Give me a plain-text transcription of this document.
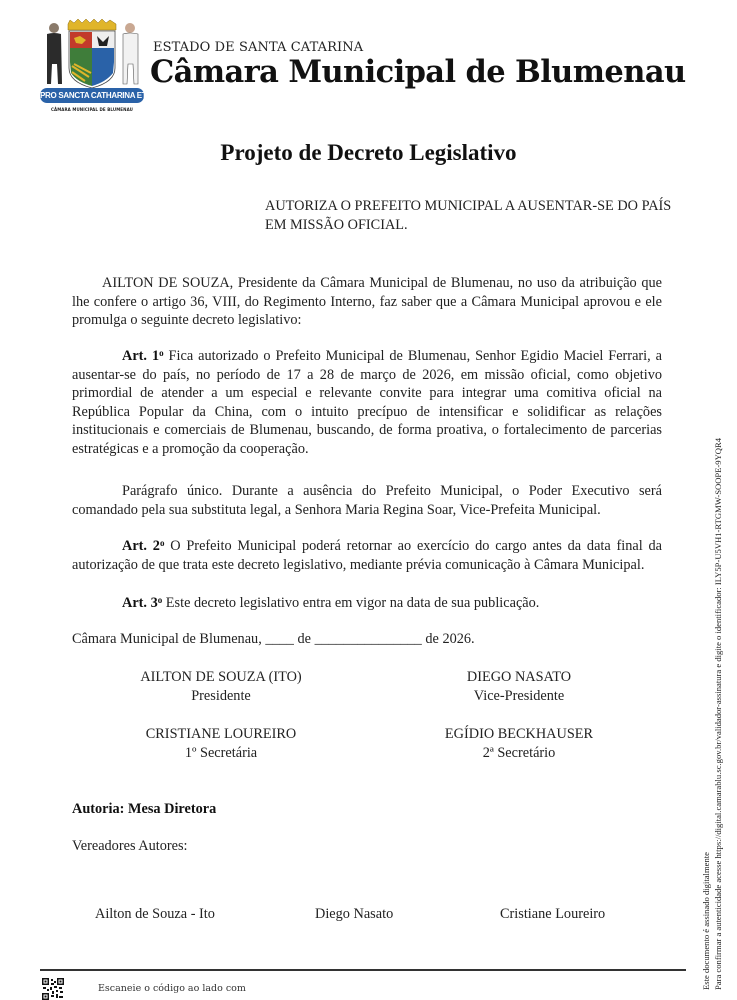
PRO SANCTA CATHARINA ET BRASILIA
CÂMARA MUNICIPAL DE BLUMENAU
ESTADO DE SANTA CATARINA
Câmara Municipal de Blumenau
Projeto de Decreto Legislativo
AUTORIZA O PREFEITO MUNICIPAL A AUSENTAR-SE DO PAÍS EM MISSÃO OFICIAL.
AILTON DE SOUZA, Presidente da Câmara Municipal de Blumenau, no uso da atribuição que lhe confere o artigo 36, VIII, do Regimento Interno, faz saber que a Câmara Municipal aprovou e ele promulga o seguinte decreto legislativo:
Art. 1$^o$ Fica autorizado o Prefeito Municipal de Blumenau, Senhor Egidio Maciel Ferrari, a ausentar-se do país, no período de 17 a 28 de março de 2026, em missão oficial, como objetivo primordial de atender a um especial e relevante convite para integrar uma comitiva oficial na República Popular da China, com o intuito precípuo de intensificar e solidificar as relações institucionais e comerciais de Blumenau, buscando, de forma proativa, o fortalecimento de parcerias estratégicas e a promoção da cooperação.
Parágrafo único. Durante a ausência do Prefeito Municipal, o Poder Executivo será comandado pela sua substituta legal, a Senhora Maria Regina Soar, Vice-Prefeita Municipal.
Art. 2$^o$ O Prefeito Municipal poderá retornar ao exercício do cargo antes da data final da autorização de que trata este decreto legislativo, mediante prévia comunicação à Câmara Municipal.
Art. 3$^o$ Este decreto legislativo entra em vigor na data de sua publicação.
Câmara Municipal de Blumenau, ____ de _______________ de 2026.
AILTON DE SOUZA (ITO)
Presidente
DIEGO NASATO
Vice-Presidente
CRISTIANE LOUREIRO
1º Secretária
EGÍDIO BECKHAUSER
2ª Secretário
Autoria: Mesa Diretora
Vereadores Autores:
Ailton de Souza - Ito	Diego Nasato	Cristiane Loureiro
Escaneie o código ao lado com	Este documento é assinado digitalmente Para confirmar a autenticidade acesse https://digital.camarablu.sc.gov.br/validador-assinatura e digite o identificador: ILY5P-U5VH1-RTGMW-SOOPE-9YQR4
